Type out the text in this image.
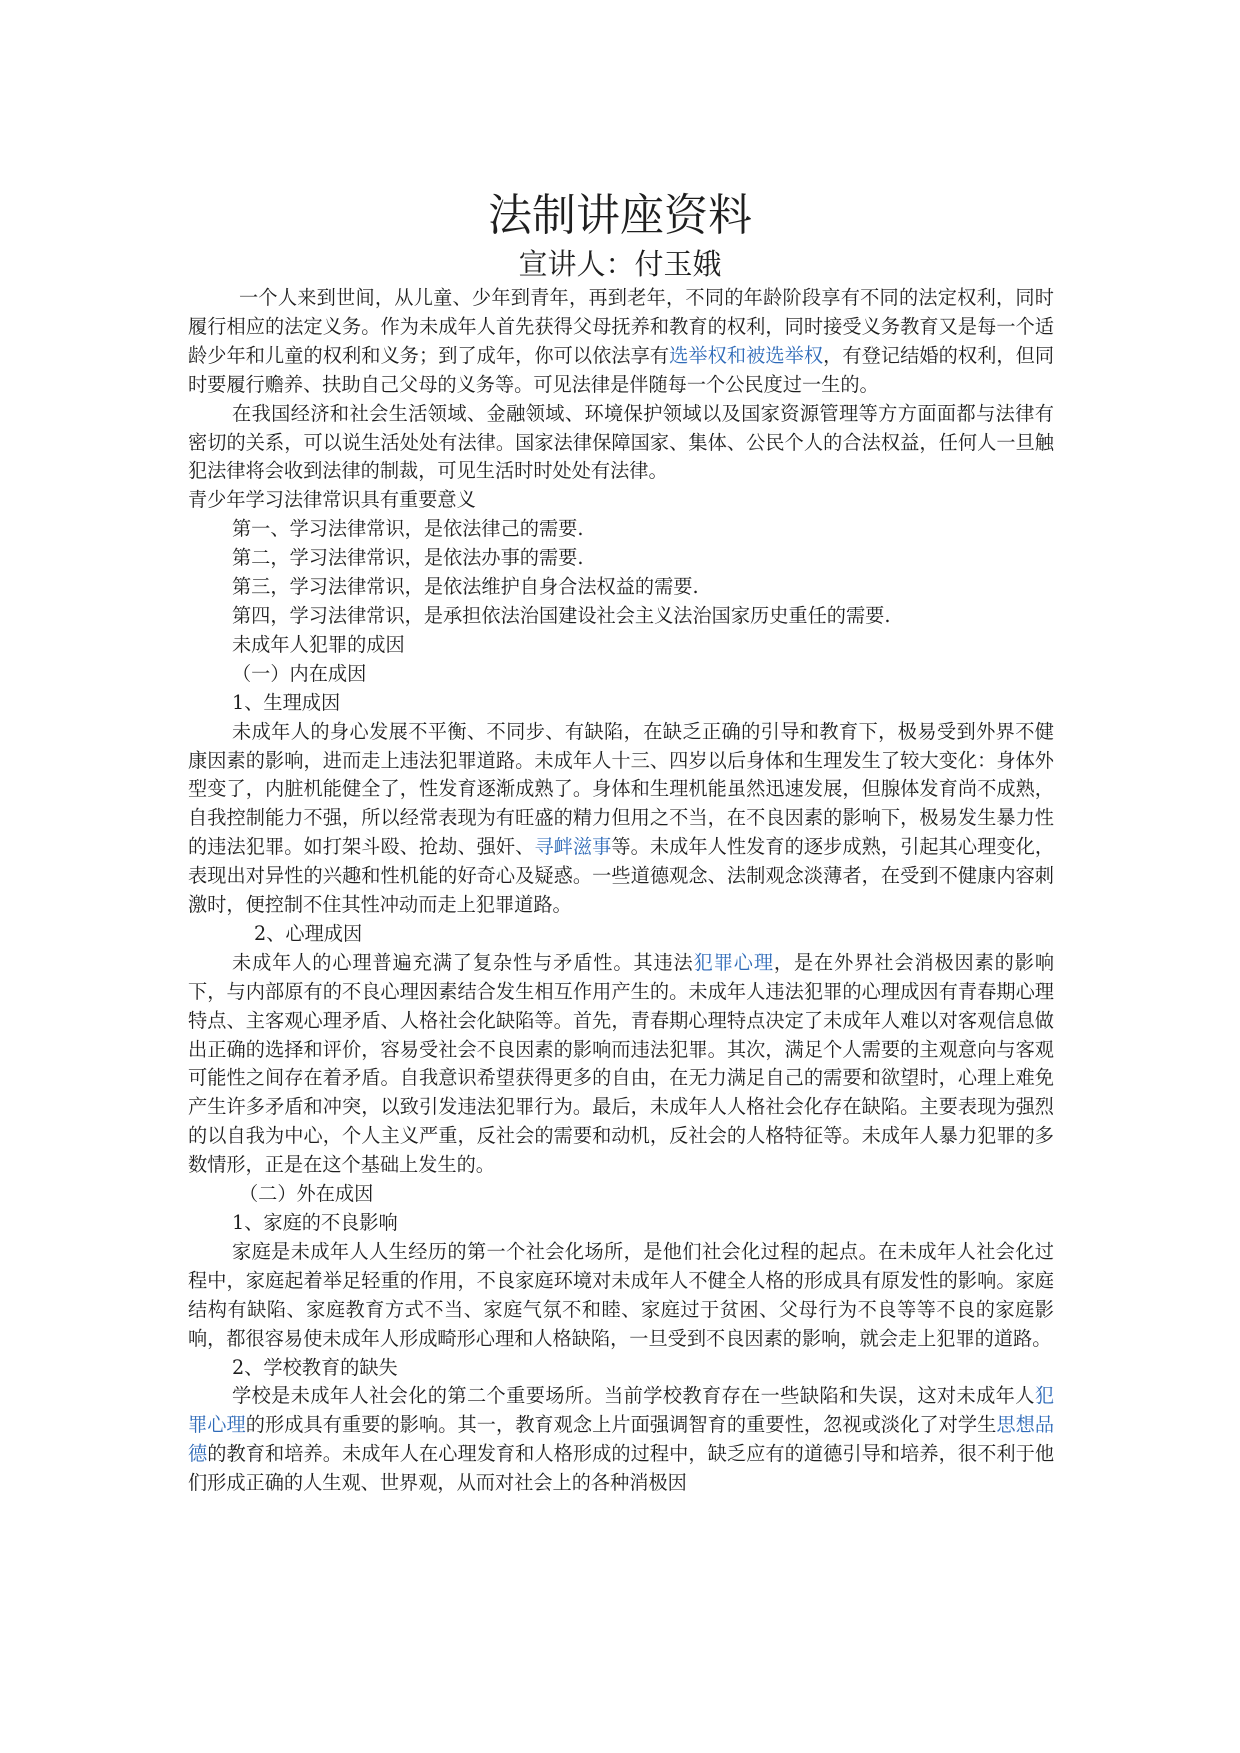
法制讲座资料
宣讲人：付玉娥

一个人来到世间，从儿童、少年到青年，再到老年，不同的年龄阶段享有不同的法定权利，同时履行相应的法定义务。作为未成年人首先获得父母抚养和教育的权利，同时接受义务教育又是每一个适龄少年和儿童的权利和义务；到了成年，你可以依法享有选举权和被选举权，有登记结婚的权利，但同时要履行赡养、扶助自己父母的义务等。可见法律是伴随每一个公民度过一生的。

在我国经济和社会生活领域、金融领域、环境保护领域以及国家资源管理等方方面面都与法律有密切的关系，可以说生活处处有法律。国家法律保障国家、集体、公民个人的合法权益，任何人一旦触犯法律将会收到法律的制裁，可见生活时时处处有法律。

青少年学习法律常识具有重要意义

第一、学习法律常识，是依法律己的需要.

第二，学习法律常识，是依法办事的需要.

第三，学习法律常识，是依法维护自身合法权益的需要.

第四，学习法律常识，是承担依法治国建设社会主义法治国家历史重任的需要.

未成年人犯罪的成因

（一）内在成因

1、生理成因

未成年人的身心发展不平衡、不同步、有缺陷，在缺乏正确的引导和教育下，极易受到外界不健康因素的影响，进而走上违法犯罪道路。未成年人十三、四岁以后身体和生理发生了较大变化：身体外型变了，内脏机能健全了，性发育逐渐成熟了。身体和生理机能虽然迅速发展，但腺体发育尚不成熟，自我控制能力不强，所以经常表现为有旺盛的精力但用之不当，在不良因素的影响下，极易发生暴力性的违法犯罪。如打架斗殴、抢劫、强奸、寻衅滋事等。未成年人性发育的逐步成熟，引起其心理变化，表现出对异性的兴趣和性机能的好奇心及疑惑。一些道德观念、法制观念淡薄者，在受到不健康内容刺激时，便控制不住其性冲动而走上犯罪道路。

2、心理成因

未成年人的心理普遍充满了复杂性与矛盾性。其违法犯罪心理，是在外界社会消极因素的影响下，与内部原有的不良心理因素结合发生相互作用产生的。未成年人违法犯罪的心理成因有青春期心理特点、主客观心理矛盾、人格社会化缺陷等。首先，青春期心理特点决定了未成年人难以对客观信息做出正确的选择和评价，容易受社会不良因素的影响而违法犯罪。其次，满足个人需要的主观意向与客观可能性之间存在着矛盾。自我意识希望获得更多的自由，在无力满足自己的需要和欲望时，心理上难免产生许多矛盾和冲突，以致引发违法犯罪行为。最后，未成年人人格社会化存在缺陷。主要表现为强烈的以自我为中心，个人主义严重，反社会的需要和动机，反社会的人格特征等。未成年人暴力犯罪的多数情形，正是在这个基础上发生的。

（二）外在成因

1、家庭的不良影响

家庭是未成年人人生经历的第一个社会化场所，是他们社会化过程的起点。在未成年人社会化过程中，家庭起着举足轻重的作用，不良家庭环境对未成年人不健全人格的形成具有原发性的影响。家庭结构有缺陷、家庭教育方式不当、家庭气氛不和睦、家庭过于贫困、父母行为不良等等不良的家庭影响，都很容易使未成年人形成畸形心理和人格缺陷，一旦受到不良因素的影响，就会走上犯罪的道路。

2、学校教育的缺失

学校是未成年人社会化的第二个重要场所。当前学校教育存在一些缺陷和失误，这对未成年人犯罪心理的形成具有重要的影响。其一，教育观念上片面强调智育的重要性，忽视或淡化了对学生思想品德的教育和培养。未成年人在心理发育和人格形成的过程中，缺乏应有的道德引导和培养，很不利于他们形成正确的人生观、世界观，从而对社会上的各种消极因
